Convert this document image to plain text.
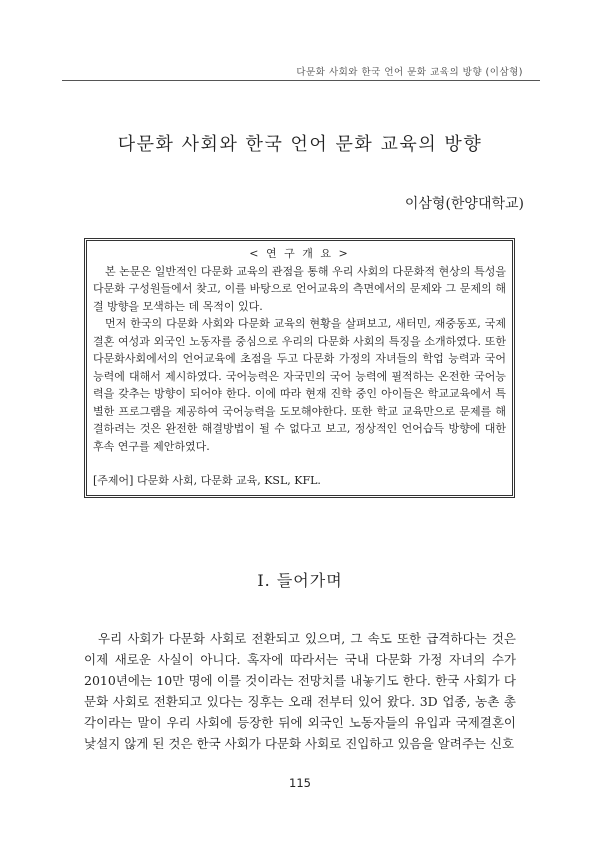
다문화 사회와 한국 언어 문화 교육의 방향 (이삼형)
다문화 사회와 한국 언어 문화 교육의 방향
이삼형(한양대학교)
< 연 구 개 요 >

본 논문은 일반적인 다문화 교육의 관점을 통해 우리 사회의 다문화적 현상의 특성을 다문화 구성원들에서 찾고, 이를 바탕으로 언어교육의 측면에서의 문제와 그 문제의 해결 방향을 모색하는 데 목적이 있다.

먼저 한국의 다문화 사회와 다문화 교육의 현황을 살펴보고, 새터민, 재중동포, 국제결혼 여성과 외국인 노동자를 중심으로 우리의 다문화 사회의 특징을 소개하였다. 또한 다문화사회에서의 언어교육에 초점을 두고 다문화 가정의 자녀들의 학업 능력과 국어 능력에 대해서 제시하였다. 국어능력은 자국민의 국어 능력에 필적하는 온전한 국어능력을 갖추는 방향이 되어야 한다. 이에 따라 현재 진학 중인 아이들은 학교교육에서 특별한 프로그램을 제공하여 국어능력을 도모해야한다. 또한 학교 교육만으로 문제를 해결하려는 것은 완전한 해결방법이 될 수 없다고 보고, 정상적인 언어습득 방향에 대한 후속 연구를 제안하였다.

[주제어] 다문화 사회, 다문화 교육, KSL, KFL.
Ⅰ. 들어가며

우리 사회가 다문화 사회로 전환되고 있으며, 그 속도 또한 급격하다는 것은 이제 새로운 사실이 아니다. 혹자에 따라서는 국내 다문화 가정 자녀의 수가 2010년에는 10만 명에 이를 것이라는 전망치를 내놓기도 한다. 한국 사회가 다문화 사회로 전환되고 있다는 징후는 오래 전부터 있어 왔다. 3D 업종, 농촌 총각이라는 말이 우리 사회에 등장한 뒤에 외국인 노동자들의 유입과 국제결혼이 낯설지 않게 된 것은 한국 사회가 다문화 사회로 진입하고 있음을 알려주는 신호

115
